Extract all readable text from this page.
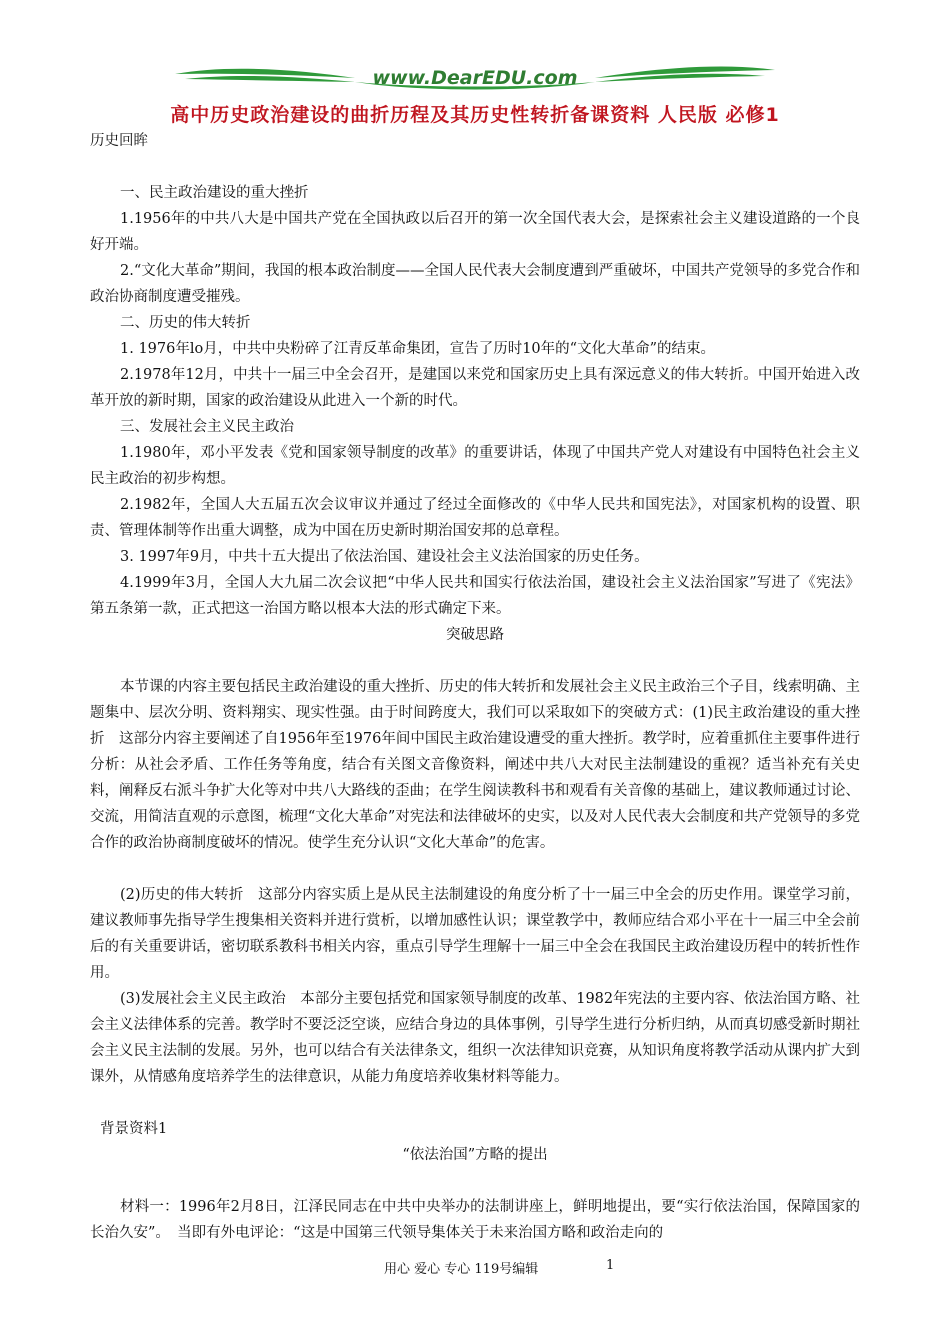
www.DearEDU.com
高中历史政治建设的曲折历程及其历史性转折备课资料 人民版 必修1

历史回眸

一、民主政治建设的重大挫折

1.1956年的中共八大是中国共产党在全国执政以后召开的第一次全国代表大会，是探索社会主义建设道路的一个良好开端。

2.“文化大革命”期间，我国的根本政治制度——全国人民代表大会制度遭到严重破坏，中国共产党领导的多党合作和政治协商制度遭受摧残。

二、历史的伟大转折

1. 1976年lo月，中共中央粉碎了江青反革命集团，宣告了历时10年的“文化大革命”的结束。

2.1978年12月，中共十一届三中全会召开，是建国以来党和国家历史上具有深远意义的伟大转折。中国开始进入改革开放的新时期，国家的政治建设从此进入一个新的时代。

三、发展社会主义民主政治

1.1980年，邓小平发表《党和国家领导制度的改革》的重要讲话，体现了中国共产党人对建设有中国特色社会主义民主政治的初步构想。

2.1982年，全国人大五届五次会议审议并通过了经过全面修改的《中华人民共和国宪法》，对国家机构的设置、职责、管理体制等作出重大调整，成为中国在历史新时期治国安邦的总章程。

3. 1997年9月，中共十五大提出了依法治国、建设社会主义法治国家的历史任务。

4.1999年3月，全国人大九届二次会议把“中华人民共和国实行依法治国，建设社会主义法治国家”写进了《宪法》第五条第一款，正式把这一治国方略以根本大法的形式确定下来。

突破思路

本节课的内容主要包括民主政治建设的重大挫折、历史的伟大转折和发展社会主义民主政治三个子目，线索明确、主题集中、层次分明、资料翔实、现实性强。由于时间跨度大，我们可以采取如下的突破方式：(1)民主政治建设的重大挫折　这部分内容主要阐述了自1956年至1976年间中国民主政治建设遭受的重大挫折。教学时，应着重抓住主要事件进行分析：从社会矛盾、工作任务等角度，结合有关图文音像资料，阐述中共八大对民主法制建设的重视？适当补充有关史料，阐释反右派斗争扩大化等对中共八大路线的歪曲；在学生阅读教科书和观看有关音像的基础上，建议教师通过讨论、交流，用简洁直观的示意图，梳理“文化大革命”对宪法和法律破坏的史实，以及对人民代表大会制度和共产党领导的多党合作的政治协商制度破坏的情况。使学生充分认识“文化大革命”的危害。

(2)历史的伟大转折　这部分内容实质上是从民主法制建设的角度分析了十一届三中全会的历史作用。课堂学习前，建议教师事先指导学生搜集相关资料并进行赏析，以增加感性认识；课堂教学中，教师应结合邓小平在十一届三中全会前后的有关重要讲话，密切联系教科书相关内容，重点引导学生理解十一届三中全会在我国民主政治建设历程中的转折性作用。

(3)发展社会主义民主政治　本部分主要包括党和国家领导制度的改革、1982年宪法的主要内容、依法治国方略、社会主义法律体系的完善。教学时不要泛泛空谈，应结合身边的具体事例，引导学生进行分析归纳，从而真切感受新时期社会主义民主法制的发展。另外，也可以结合有关法律条文，组织一次法律知识竞赛，从知识角度将教学活动从课内扩大到课外，从情感角度培养学生的法律意识，从能力角度培养收集材料等能力。

背景资料1

“依法治国”方略的提出

材料一：1996年2月8日，江泽民同志在中共中央举办的法制讲座上，鲜明地提出，要“实行依法治国，保障国家的长治久安”。　当即有外电评论：“这是中国第三代领导集体关于未来治国方略和政治走向的

用心 爱心 专心 119号编辑	1
